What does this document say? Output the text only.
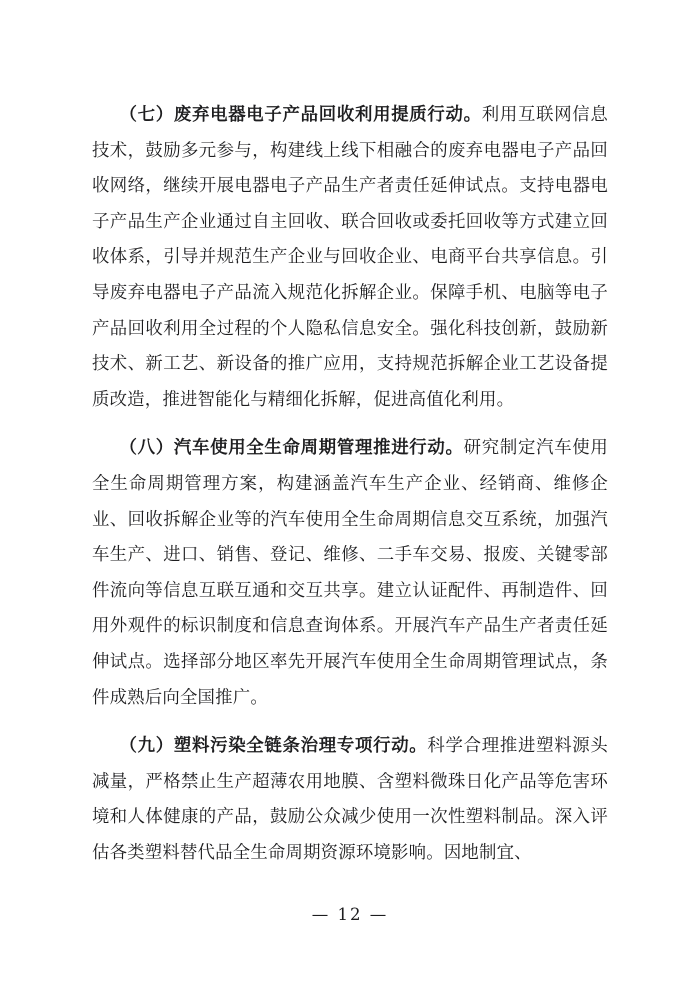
　　（七）废弃电器电子产品回收利用提质行动。利用互联网信息技术，鼓励多元参与，构建线上线下相融合的废弃电器电子产品回收网络，继续开展电器电子产品生产者责任延伸试点。支持电器电子产品生产企业通过自主回收、联合回收或委托回收等方式建立回收体系，引导并规范生产企业与回收企业、电商平台共享信息。引导废弃电器电子产品流入规范化拆解企业。保障手机、电脑等电子产品回收利用全过程的个人隐私信息安全。强化科技创新，鼓励新技术、新工艺、新设备的推广应用，支持规范拆解企业工艺设备提质改造，推进智能化与精细化拆解，促进高值化利用。

　　（八）汽车使用全生命周期管理推进行动。研究制定汽车使用全生命周期管理方案，构建涵盖汽车生产企业、经销商、维修企业、回收拆解企业等的汽车使用全生命周期信息交互系统，加强汽车生产、进口、销售、登记、维修、二手车交易、报废、关键零部件流向等信息互联互通和交互共享。建立认证配件、再制造件、回用外观件的标识制度和信息查询体系。开展汽车产品生产者责任延伸试点。选择部分地区率先开展汽车使用全生命周期管理试点，条件成熟后向全国推广。

　　（九）塑料污染全链条治理专项行动。科学合理推进塑料源头减量，严格禁止生产超薄农用地膜、含塑料微珠日化产品等危害环境和人体健康的产品，鼓励公众减少使用一次性塑料制品。深入评估各类塑料替代品全生命周期资源环境影响。因地制宜、

— 12 —
